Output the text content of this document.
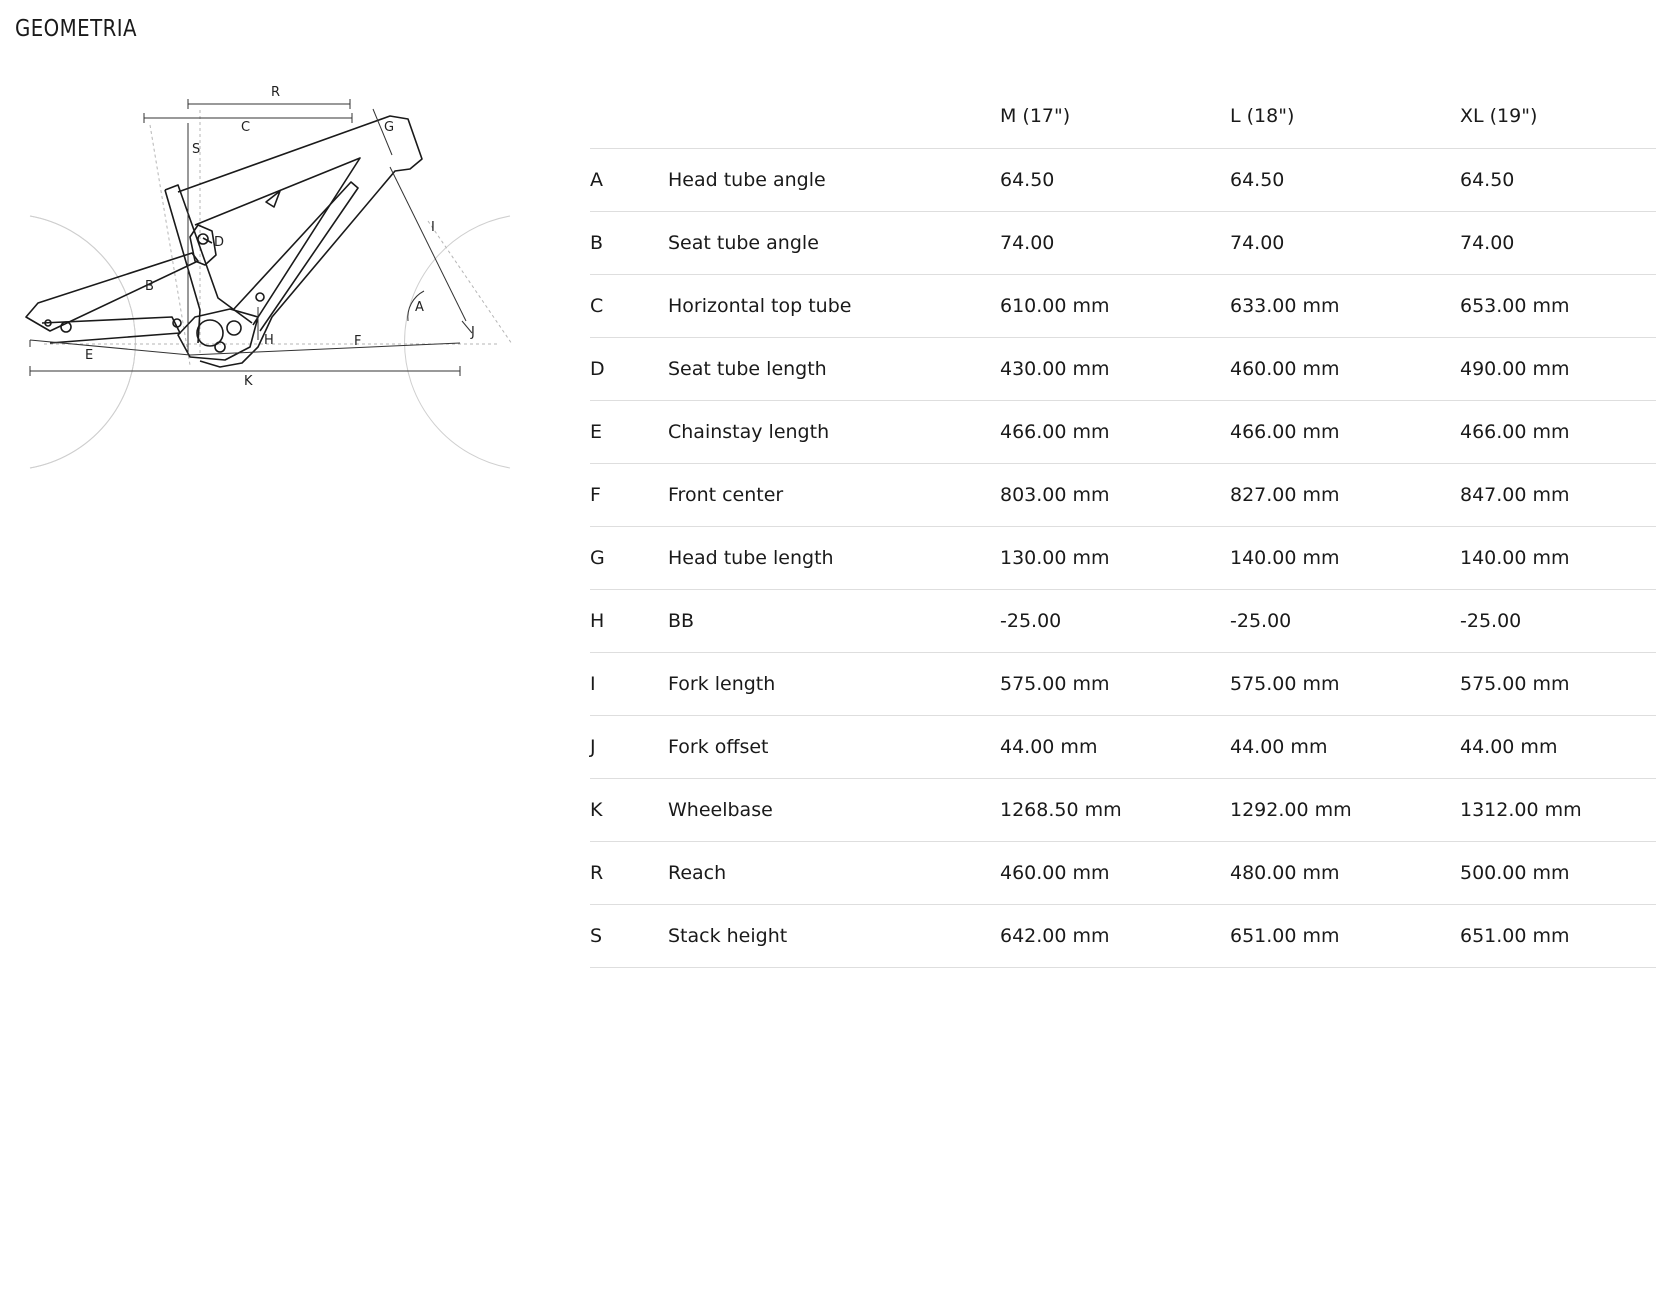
GEOMETRIA
R
C
S
G
D
I
B
A
H	F
J
E
K
		M (17")	L (18")	XL (19")
A	Head tube angle	64.50	64.50	64.50
B	Seat tube angle	74.00	74.00	74.00
C	Horizontal top tube	610.00 mm	633.00 mm	653.00 mm
D	Seat tube length	430.00 mm	460.00 mm	490.00 mm
E	Chainstay length	466.00 mm	466.00 mm	466.00 mm
F	Front center	803.00 mm	827.00 mm	847.00 mm
G	Head tube length	130.00 mm	140.00 mm	140.00 mm
H	BB	-25.00	-25.00	-25.00
I	Fork length	575.00 mm	575.00 mm	575.00 mm
J	Fork offset	44.00 mm	44.00 mm	44.00 mm
K	Wheelbase	1268.50 mm	1292.00 mm	1312.00 mm
R	Reach	460.00 mm	480.00 mm	500.00 mm
S	Stack height	642.00 mm	651.00 mm	651.00 mm
